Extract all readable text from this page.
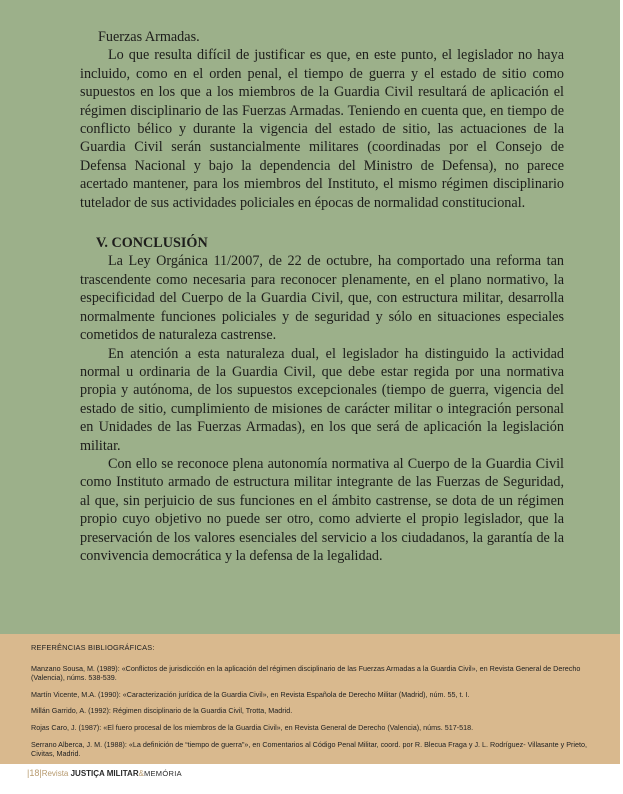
Fuerzas Armadas.

Lo que resulta difícil de justificar es que, en este punto, el legislador no haya incluido, como en el orden penal, el tiempo de guerra y el estado de sitio como supuestos en los que a los miembros de la Guardia Civil resultará de aplicación el régimen disciplinario de las Fuerzas Armadas. Teniendo en cuenta que, en tiempo de conflicto bélico y durante la vigencia del estado de sitio, las actuaciones de la Guardia Civil serán sustancialmente militares (coordinadas por el Consejo de Defensa Nacional y bajo la dependencia del Ministro de Defensa), no parece acertado mantener, para los miembros del Instituto, el mismo régimen disciplinario tutelador de sus actividades policiales en épocas de normalidad constitucional.

V. CONCLUSIÓN

La Ley Orgánica 11/2007, de 22 de octubre, ha comportado una reforma tan trascendente como necesaria para reconocer plenamente, en el plano normativo, la especificidad del Cuerpo de la Guardia Civil, que, con estructura militar, desarrolla normalmente funciones policiales y de seguridad y sólo en situaciones especiales cometidos de naturaleza castrense.

En atención a esta naturaleza dual, el legislador ha distinguido la actividad normal u ordinaria de la Guardia Civil, que debe estar regida por una normativa propia y autónoma, de los supuestos excepcionales (tiempo de guerra, vigencia del estado de sitio, cumplimiento de misiones de carácter militar o integración personal en Unidades de las Fuerzas Armadas), en los que será de aplicación la legislación militar.

Con ello se reconoce plena autonomía normativa al Cuerpo de la Guardia Civil como Instituto armado de estructura militar integrante de las Fuerzas de Seguridad, al que, sin perjuicio de sus funciones en el ámbito castrense, se dota de un régimen propio cuyo objetivo no puede ser otro, como advierte el propio legislador, que la preservación de los valores esenciales del servicio a los ciudadanos, la garantía de la convivencia democrática y la defensa de la legalidad.

REFERÊNCIAS BIBLIOGRÁFICAS:
Manzano Sousa, M. (1989): «Conflictos de jurisdicción en la aplicación del régimen disciplinario de las Fuerzas Armadas a la Guardia Civil», en Revista General de Derecho (Valencia), núms. 538-539.
Martín Vicente, M.A. (1990): «Caracterización jurídica de la Guardia Civil», en Revista Española de Derecho Militar (Madrid), núm. 55, t. I.
Millán Garrido, A. (1992): Régimen disciplinario de la Guardia Civil, Trotta, Madrid.
Rojas Caro, J. (1987): «El fuero procesal de los miembros de la Guardia Civil», en Revista General de Derecho (Valencia), núms. 517-518.
Serrano Alberca, J. M. (1988): «La definición de “tiempo de guerra”», en Comentarios al Código Penal Militar, coord. por R. Blecua Fraga y J. L. Rodríguez- Villasante y Prieto, Civitas, Madrid.
|18|Revista JUSTIÇA MILITAR&MEMÓRIA
